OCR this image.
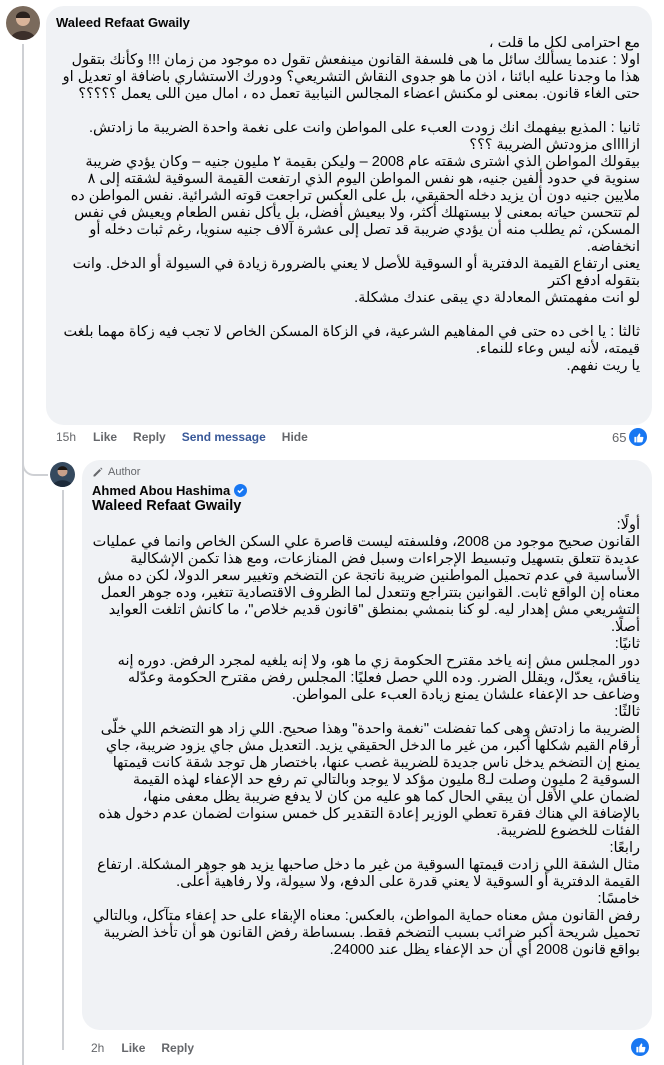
Waleed Refaat Gwaily
مع احترامى لكل ما قلت ،
اولا : عندما يسألك سائل ما هى فلسفة القانون مينفعش تقول ده موجود من زمان !!! وكأنك بتقول هذا ما وجدنا عليه ابائنا ، اذن ما هو جدوى النقاش التشريعي؟ ودورك الاستشاري باضافة او تعديل او حتى الغاء قانون. بمعنى لو مكنش اعضاء المجالس النيابية تعمل ده ، امال مين اللى يعمل ؟؟؟؟؟

ثانيا : المذيع بيفهمك انك زودت العبء على المواطن وانت على نغمة واحدة الضريبة ما زادتش. ازااااى مزودتش الضريبة ؟؟؟
بيقولك المواطن الذي اشترى شقته عام 2008 – وليكن بقيمة ٢ مليون جنيه – وكان يؤدي ضريبة سنوية في حدود ألفين جنيه، هو نفس المواطن اليوم الذي ارتفعت القيمة السوقية لشقته إلى ٨ ملايين جنيه دون أن يزيد دخله الحقيقي، بل على العكس تراجعت قوته الشرائية. نفس المواطن ده لم تتحسن حياته بمعنى لا بيستهلك أكثر، ولا بيعيش أفضل، بل يأكل نفس الطعام ويعيش في نفس المسكن، ثم يطلب منه أن يؤدي ضريبة قد تصل إلى عشرة آلاف جنيه سنويا، رغم ثبات دخله أو انخفاضه.
يعنى ارتفاع القيمة الدفترية أو السوقية للأصل لا يعني بالضرورة زيادة في السيولة أو الدخل. وانت بتقوله ادفع اكتر
لو انت مفهمتش المعادلة دي يبقى عندك مشكلة.

ثالثا : يا اخى ده حتى في المفاهيم الشرعية، في الزكاة المسكن الخاص لا تجب فيه زكاة مهما بلغت قيمته، لأنه ليس وعاء للنماء.
يا ريت نفهم.
15h Like Reply Send message Hide	65
Author
Ahmed Abou Hashima
Waleed Refaat Gwaily
أولًا:
القانون صحيح موجود من 2008، وفلسفته ليست قاصرة علي السكن الخاص وانما في عمليات عديدة تتعلق بتسهيل وتبسيط الإجراءات وسبل فض المنازعات، ومع هذا تكمن الإشكالية الأساسية في عدم تحميل المواطنين ضريبة ناتجة عن التضخم وتغيير سعر الدولا، لكن ده مش معناه إن الواقع ثابت. القوانين بتتراجع وتتعدل لما الظروف الاقتصادية تتغير، وده جوهر العمل التشريعي مش إهدار ليه. لو كنا بنمشي بمنطق "قانون قديم خلاص"، ما كانش اتلغت العوايد أصلًا.
ثانيًا:
دور المجلس مش إنه ياخد مقترح الحكومة زي ما هو، ولا إنه يلغيه لمجرد الرفض. دوره إنه يناقش، يعدّل، ويقلل الضرر. وده اللي حصل فعليًا: المجلس رفض مقترح الحكومة وعدّله وضاعف حد الإعفاء علشان يمنع زيادة العبء على المواطن.
ثالثًا:
الضريبة ما زادتش وهى كما تفضلت "نغمة واحدة" وهذا صحيح. اللي زاد هو التضخم اللي خلّى أرقام القيم شكلها أكبر، من غير ما الدخل الحقيقي يزيد. التعديل مش جاي يزود ضريبة، جاي يمنع إن التضخم يدخل ناس جديدة للضريبة غصب عنها، باختصار هل توجد شقة كانت قيمتها السوقية 2 مليون وصلت لـ8 مليون مؤكد لا يوجد وبالتالي تم رفع حد الإعفاء لهذه القيمة لضمان علي الأقل أن يبقي الحال كما هو عليه من كان لا يدفع ضريبة يظل معفى منها، بالإضافة الي هناك فقرة تعطي الوزير إعادة التقدير كل خمس سنوات لضمان عدم دخول هذه الفئات للخضوع للضريبة.
رابعًا:
مثال الشقة اللي زادت قيمتها السوقية من غير ما دخل صاحبها يزيد هو جوهر المشكلة. ارتفاع القيمة الدفترية أو السوقية لا يعني قدرة على الدفع، ولا سيولة، ولا رفاهية أعلى.
خامسًا:
رفض القانون مش معناه حماية المواطن، بالعكس: معناه الإبقاء على حد إعفاء متآكل، وبالتالي تحميل شريحة أكبر ضرائب بسبب التضخم فقط. بسساطة رفض القانون هو أن تأخذ الضريبة بواقع قانون 2008 أي أن حد الإعفاء يظل عند 24000.
2h Like Reply
